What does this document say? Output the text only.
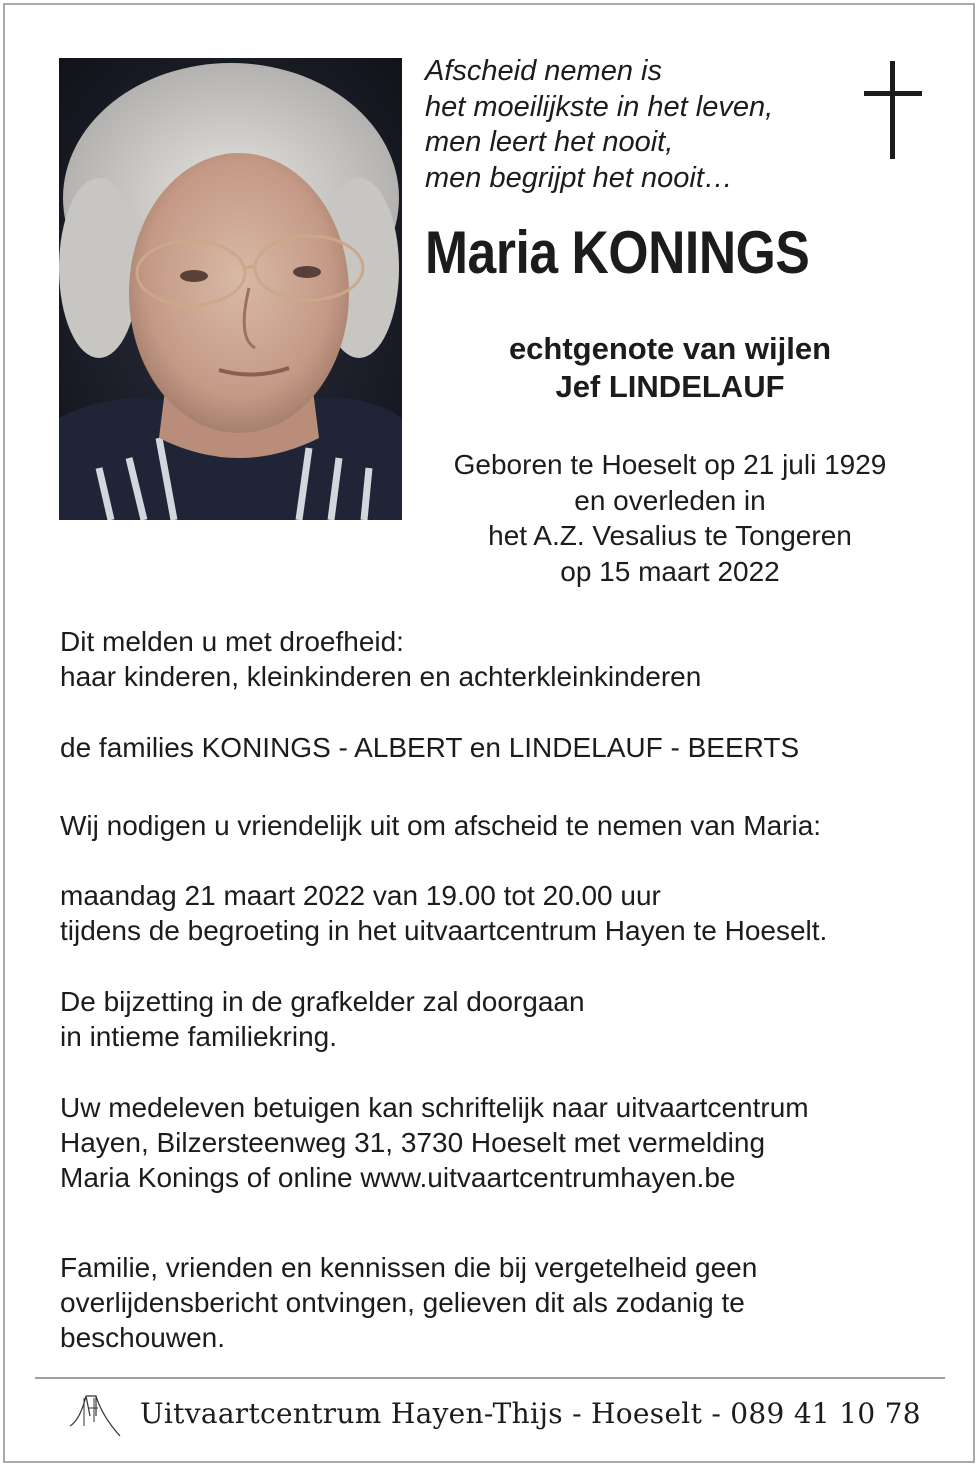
Afscheid nemen is
het moeilijkste in het leven,
men leert het nooit,
men begrijpt het nooit…
Maria KONINGS
echtgenote van wijlen
Jef LINDELAUF
Geboren te Hoeselt op 21 juli 1929
en overleden in
het A.Z. Vesalius te Tongeren
op 15 maart 2022
Dit melden u met droefheid:
haar kinderen, kleinkinderen en achterkleinkinderen
de families KONINGS - ALBERT en LINDELAUF - BEERTS
Wij nodigen u vriendelijk uit om afscheid te nemen van Maria:
maandag 21 maart 2022 van 19.00 tot 20.00 uur
tijdens de begroeting in het uitvaartcentrum Hayen te Hoeselt.
De bijzetting in de grafkelder zal doorgaan
in intieme familiekring.
Uw medeleven betuigen kan schriftelijk naar uitvaartcentrum
Hayen, Bilzersteenweg 31, 3730 Hoeselt met vermelding
Maria Konings of online www.uitvaartcentrumhayen.be
Familie, vrienden en kennissen die bij vergetelheid geen
overlijdensbericht ontvingen, gelieven dit als zodanig te
beschouwen.
Uitvaartcentrum Hayen-Thijs - Hoeselt - 089 41 10 78
